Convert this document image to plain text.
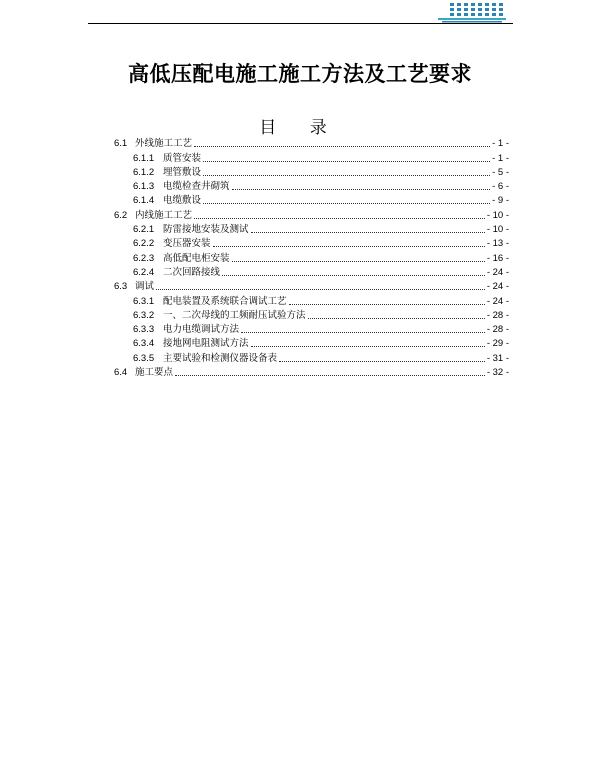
高低压配电施工施工方法及工艺要求
目 录
6.1 外线施工工艺	- 1 -
6.1.1 质管安装	- 1 -
6.1.2 埋管敷设	- 5 -
6.1.3 电缆检查井砌筑	- 6 -
6.1.4 电缆敷设	- 9 -
6.2 内线施工工艺	- 10 -
6.2.1 防雷接地安装及测试	- 10 -
6.2.2 变压器安装	- 13 -
6.2.3 高低配电柜安装	- 16 -
6.2.4 二次回路接线	- 24 -
6.3 调试	- 24 -
6.3.1 配电装置及系统联合调试工艺	- 24 -
6.3.2 一、二次母线的工频耐压试验方法	- 28 -
6.3.3 电力电缆调试方法	- 28 -
6.3.4 接地网电阻测试方法	- 29 -
6.3.5 主要试验和检测仪器设备表	- 31 -
6.4 施工要点	- 32 -
